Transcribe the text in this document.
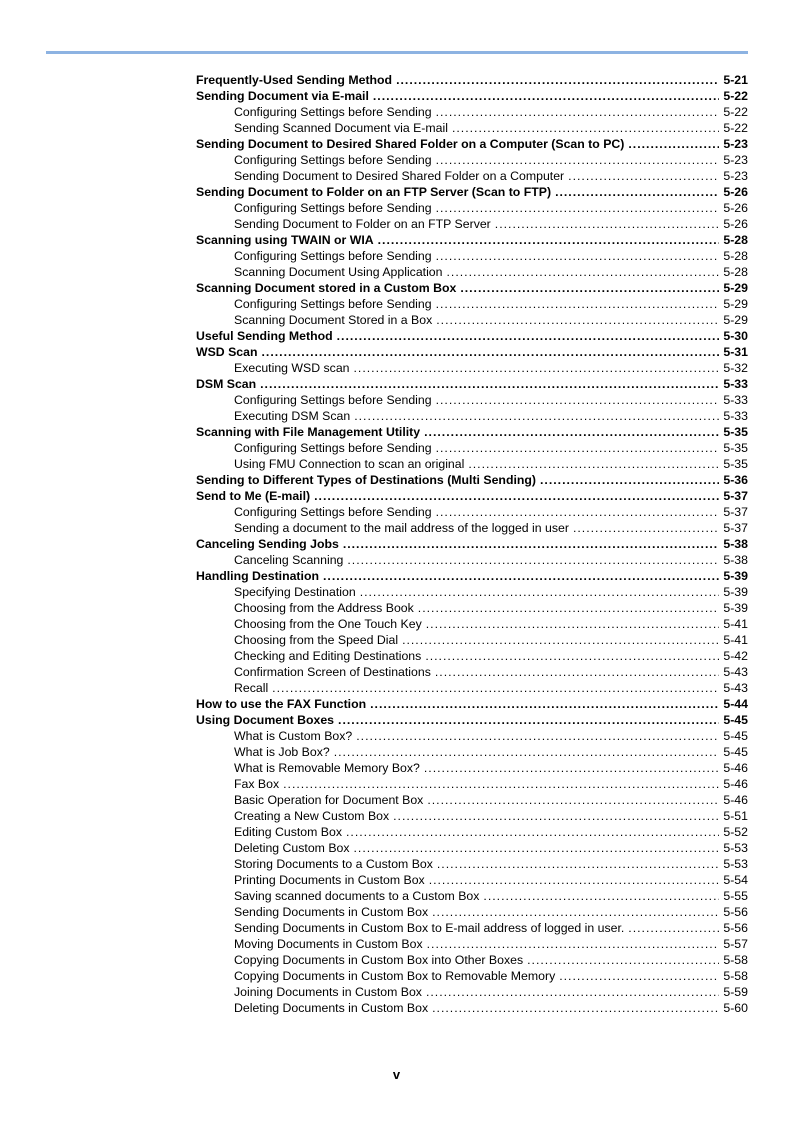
Frequently-Used Sending Method .....	5-21
Sending Document via E-mail .....	5-22
Configuring Settings before Sending .....	5-22
Sending Scanned Document via E-mail .....	5-22
Sending Document to Desired Shared Folder on a Computer (Scan to PC) .....	5-23
Configuring Settings before Sending .....	5-23
Sending Document to Desired Shared Folder on a Computer .....	5-23
Sending Document to Folder on an FTP Server (Scan to FTP) .....	5-26
Configuring Settings before Sending .....	5-26
Sending Document to Folder on an FTP Server .....	5-26
Scanning using TWAIN or WIA .....	5-28
Configuring Settings before Sending .....	5-28
Scanning Document Using Application .....	5-28
Scanning Document stored in a Custom Box .....	5-29
Configuring Settings before Sending .....	5-29
Scanning Document Stored in a Box .....	5-29
Useful Sending Method .....	5-30
WSD Scan .....	5-31
Executing WSD scan .....	5-32
DSM Scan .....	5-33
Configuring Settings before Sending .....	5-33
Executing DSM Scan .....	5-33
Scanning with File Management Utility .....	5-35
Configuring Settings before Sending .....	5-35
Using FMU Connection to scan an original .....	5-35
Sending to Different Types of Destinations (Multi Sending) .....	5-36
Send to Me (E-mail) .....	5-37
Configuring Settings before Sending .....	5-37
Sending a document to the mail address of the logged in user .....	5-37
Canceling Sending Jobs .....	5-38
Canceling Scanning .....	5-38
Handling Destination .....	5-39
Specifying Destination .....	5-39
Choosing from the Address Book .....	5-39
Choosing from the One Touch Key .....	5-41
Choosing from the Speed Dial .....	5-41
Checking and Editing Destinations .....	5-42
Confirmation Screen of Destinations .....	5-43
Recall .....	5-43
How to use the FAX Function .....	5-44
Using Document Boxes .....	5-45
What is Custom Box? .....	5-45
What is Job Box? .....	5-45
What is Removable Memory Box? .....	5-46
Fax Box .....	5-46
Basic Operation for Document Box .....	5-46
Creating a New Custom Box .....	5-51
Editing Custom Box .....	5-52
Deleting Custom Box .....	5-53
Storing Documents to a Custom Box .....	5-53
Printing Documents in Custom Box .....	5-54
Saving scanned documents to a Custom Box .....	5-55
Sending Documents in Custom Box .....	5-56
Sending Documents in Custom Box to E-mail address of logged in user. .....	5-56
Moving Documents in Custom Box .....	5-57
Copying Documents in Custom Box into Other Boxes .....	5-58
Copying Documents in Custom Box to Removable Memory .....	5-58
Joining Documents in Custom Box .....	5-59
Deleting Documents in Custom Box .....	5-60
v
